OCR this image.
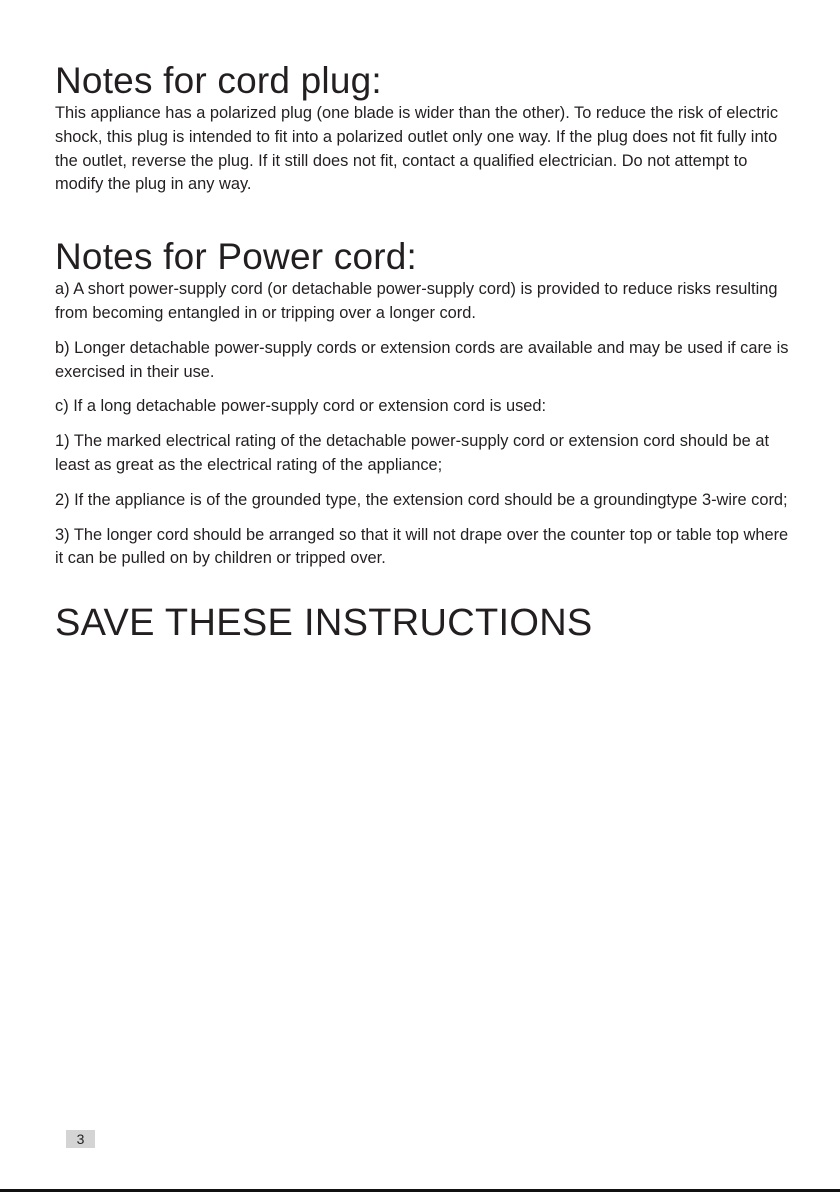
Notes for cord plug:

This appliance has a polarized plug (one blade is wider than the other). To reduce the risk of electric shock, this plug is intended to fit into a polarized outlet only one way. If the plug does not fit fully into the outlet, reverse the plug. If it still does not fit, contact a qualified electrician. Do not attempt to modify the plug in any way.

Notes for Power cord:

a) A short power-supply cord (or detachable power-supply cord) is provided to reduce risks resulting from becoming entangled in or tripping over a longer cord.

b) Longer detachable power-supply cords or extension cords are available and may be used if care is exercised in their use.

c) If a long detachable power-supply cord or extension cord is used:

1) The marked electrical rating of the detachable power-supply cord or extension cord should be at least as great as the electrical rating of the appliance;

2) If the appliance is of the grounded type, the extension cord should be a groundingtype 3-wire cord;

3) The longer cord should be arranged so that it will not drape over the counter top or table top where it can be pulled on by children or tripped over.

SAVE THESE INSTRUCTIONS
3
